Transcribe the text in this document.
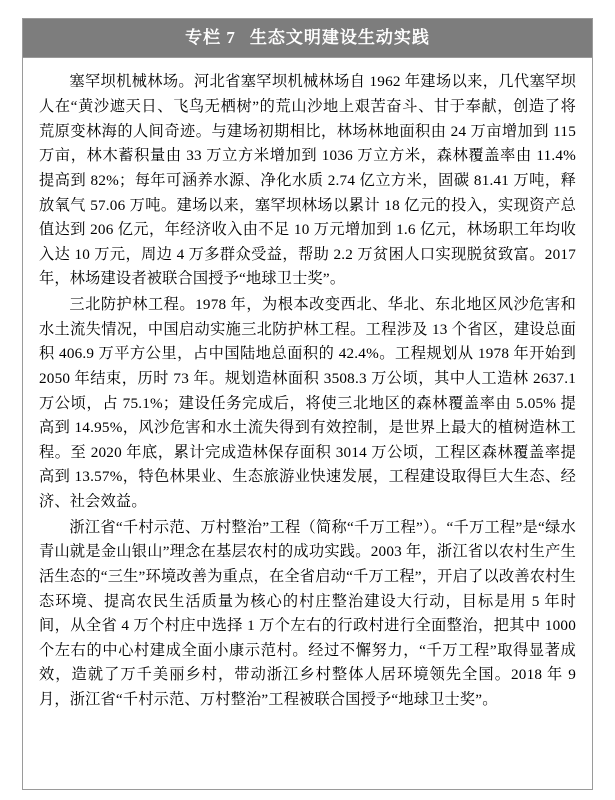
专栏 7 生态文明建设生动实践

塞罕坝机械林场。河北省塞罕坝机械林场自 1962 年建场以来，几代塞罕坝人在“黄沙遮天日、飞鸟无栖树”的荒山沙地上艰苦奋斗、甘于奉献，创造了将荒原变林海的人间奇迹。与建场初期相比，林场林地面积由 24 万亩增加到 115 万亩，林木蓄积量由 33 万立方米增加到 1036 万立方米，森林覆盖率由 11.4% 提高到 82%；每年可涵养水源、净化水质 2.74 亿立方米，固碳 81.41 万吨，释放氧气 57.06 万吨。建场以来，塞罕坝林场以累计 18 亿元的投入，实现资产总值达到 206 亿元，年经济收入由不足 10 万元增加到 1.6 亿元，林场职工年均收入达 10 万元，周边 4 万多群众受益，帮助 2.2 万贫困人口实现脱贫致富。2017 年，林场建设者被联合国授予“地球卫士奖”。

三北防护林工程。1978 年，为根本改变西北、华北、东北地区风沙危害和水土流失情况，中国启动实施三北防护林工程。工程涉及 13 个省区，建设总面积 406.9 万平方公里，占中国陆地总面积的 42.4%。工程规划从 1978 年开始到 2050 年结束，历时 73 年。规划造林面积 3508.3 万公顷，其中人工造林 2637.1 万公顷，占 75.1%；建设任务完成后，将使三北地区的森林覆盖率由 5.05% 提高到 14.95%，风沙危害和水土流失得到有效控制，是世界上最大的植树造林工程。至 2020 年底，累计完成造林保存面积 3014 万公顷，工程区森林覆盖率提高到 13.57%，特色林果业、生态旅游业快速发展，工程建设取得巨大生态、经济、社会效益。

浙江省“千村示范、万村整治”工程（简称“千万工程”）。“千万工程”是“绿水青山就是金山银山”理念在基层农村的成功实践。2003 年，浙江省以农村生产生活生态的“三生”环境改善为重点，在全省启动“千万工程”，开启了以改善农村生态环境、提高农民生活质量为核心的村庄整治建设大行动，目标是用 5 年时间，从全省 4 万个村庄中选择 1 万个左右的行政村进行全面整治，把其中 1000 个左右的中心村建成全面小康示范村。经过不懈努力，“千万工程”取得显著成效，造就了万千美丽乡村，带动浙江乡村整体人居环境领先全国。2018 年 9 月，浙江省“千村示范、万村整治”工程被联合国授予“地球卫士奖”。
